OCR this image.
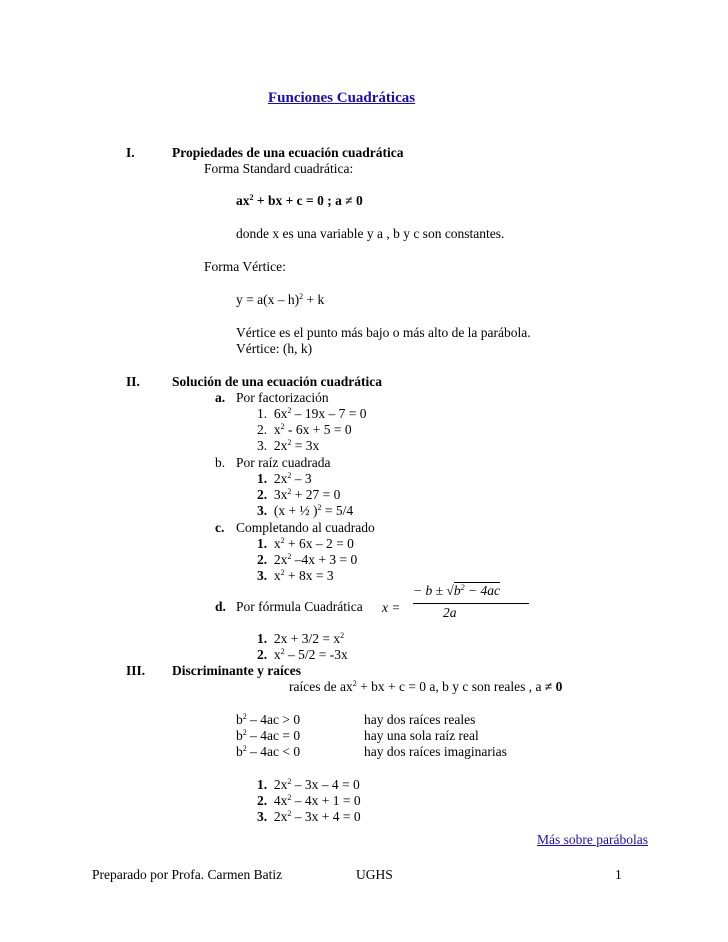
Funciones Cuadráticas
I.	Propiedades de una ecuación cuadrática
Forma Standard cuadrática:
$ax^2$ + bx + c = 0 ; a ≠ 0
donde x es una variable y a , b y c son constantes.
Forma Vértice:
y = a(x – h)$^2$ + k
Vértice es el punto más bajo o más alto de la parábola.
Vértice: (h, k)
II. Solución de una ecuación cuadrática
a. Por factorización
1. $6x^2 - 19x - 7 = 0$
2. $x^2 - 6x + 5 = 0$
3. $2x^2 = 3x$
b. Por raíz cuadrada
1. $2x^2 - 3$
2. $3x^2 + 27 = 0$
3. (x + ½ )$^2$ = 5/4
c. Completando al cuadrado
1. $x^2 + 6x - 2 = 0$
2. $2x^2$ –4x + 3 = 0
3. $x^2 + 8x = 3$
d. Por fórmula Cuadrática x =
− $b \pm √b^2 - 4ac$
2a
1. $2x + 3/2 = x^2$
2. $x^2 - 5/2 = -3x$
III. Discriminante y raíces
raíces de $ax^2$ + bx + c = 0 a, b y c son reales , a ≠ 0
$b^2 - 4ac > 0$	hay dos raíces reales
$b^2 - 4ac = 0$	hay una sola raíz real
$b^2 - 4ac < 0$	hay dos raíces imaginarias
1. $2x^2 - 3x - 4 = 0$
2. $4x^2 - 4x + 1 = 0$
3. $2x^2 - 3x + 4 = 0$
Más sobre parábolas
Preparado por Profa. Carmen Batiz	UGHS	1
